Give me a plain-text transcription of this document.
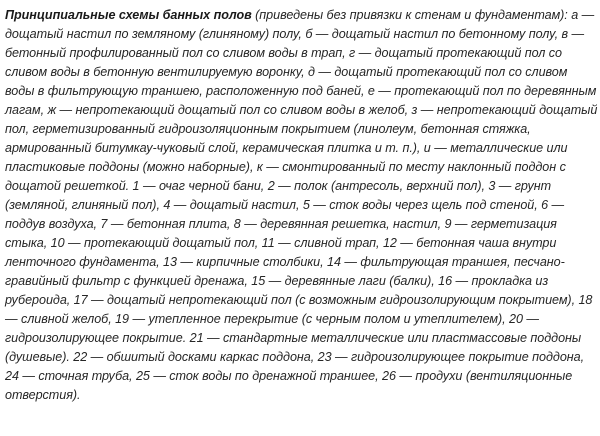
Принципиальные схемы банных полов (приведены без привязки к стенам и фундаментам): а — дощатый настил по земляному (глиняному) полу, б — дощатый настил по бетонному полу, в — бетонный профилированный пол со сливом воды в трап, г — дощатый протекающий пол со сливом воды в бетонную вентилируемую воронку, д — дощатый протекающий пол со сливом воды в фильтрующую траншею, расположенную под баней, е — протекающий пол по деревянным лагам, ж — непротекающий дощатый пол со сливом воды в желоб, з — непротекающий дощатый пол, герметизированный гидроизоляционным покрытием (линолеум, бетонная стяжка, армированный битумкау-чуковый слой, керамическая плитка и т. п.), и — металлические или пластиковые поддоны (можно наборные), к — смонтированный по месту наклонный поддон с дощатой решеткой. 1 — очаг черной бани, 2 — полок (антресоль, верхний пол), 3 — грунт (земляной, глиняный пол), 4 — дощатый настил, 5 — сток воды через щель под стеной, 6 — поддув воздуха, 7 — бетонная плита, 8 — деревянная решетка, настил, 9 — герметизация стыка, 10 — протекающий дощатый пол, 11 — сливной трап, 12 — бетонная чаша внутри ленточного фундамента, 13 — кирпичные столбики, 14 — фильтрующая траншея, песчано-гравийный фильтр с функцией дренажа, 15 — деревянные лаги (балки), 16 — прокладка из рубероида, 17 — дощатый непротекающий пол (с возможным гидроизолирующим покрытием), 18 — сливной желоб, 19 — утепленное перекрытие (с черным полом и утеплителем), 20 — гидроизолирующее покрытие. 21 — стандартные металлические или пластмассовые поддоны (душевые). 22 — обшитый досками каркас поддона, 23 — гидроизолирующее покрытие поддона, 24 — сточная труба, 25 — сток воды по дренажной траншее, 26 — продухи (вентиляционные отверстия).
